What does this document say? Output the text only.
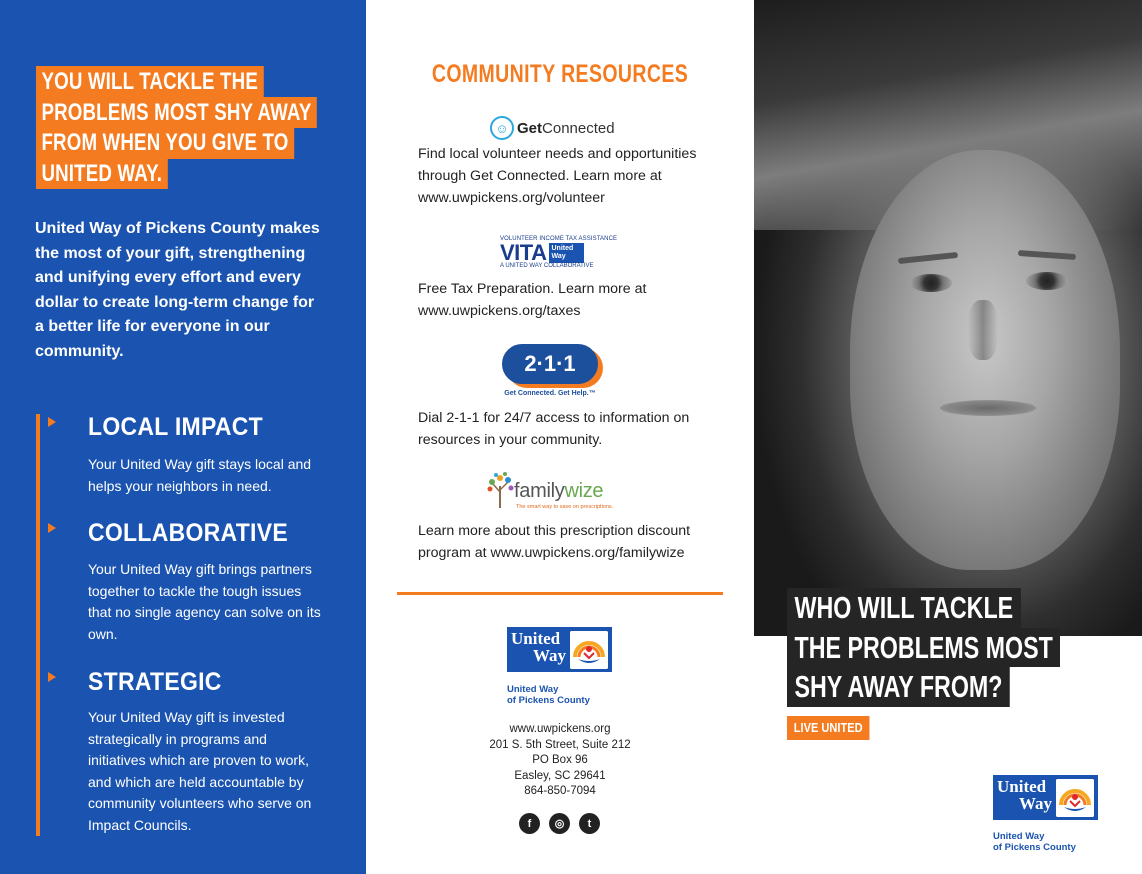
YOU WILL TACKLE THE
PROBLEMS MOST SHY AWAY
FROM WHEN YOU GIVE TO
UNITED WAY.

United Way of Pickens County makes the most of your gift, strengthening and unifying every effort and every dollar to create long-term change for a better life for everyone in our community.

LOCAL IMPACT

Your United Way gift stays local and helps your neighbors in need.

COLLABORATIVE

Your United Way gift brings partners together to tackle the tough issues that no single agency can solve on its own.

STRATEGIC

Your United Way gift is invested strategically in programs and initiatives which are proven to work, and which are held accountable by community volunteers who serve on Impact Councils.

COMMUNITY RESOURCES
☺ GetConnected

Find local volunteer needs and opportunities through Get Connected. Learn more at www.uwpickens.org/volunteer

VOLUNTEER INCOME TAX ASSISTANCE
VITA United Way
A UNITED WAY COLLABORATIVE

Free Tax Preparation. Learn more at www.uwpickens.org/taxes

2·1·1
Get Connected. Get Help.™

Dial 2-1-1 for 24/7 access to information on resources in your community.

familywize
The smart way to save on prescriptions.

Learn more about this prescription discount program at www.uwpickens.org/familywize

United
Way
United Way
of Pickens County
www.uwpickens.org
201 S. 5th Street, Suite 212
PO Box 96
Easley, SC 29641
864-850-7094
f	◎	t
WHO WILL TACKLE
THE PROBLEMS MOST
SHY AWAY FROM?
LIVE UNITED
United
Way
United Way
of Pickens County
